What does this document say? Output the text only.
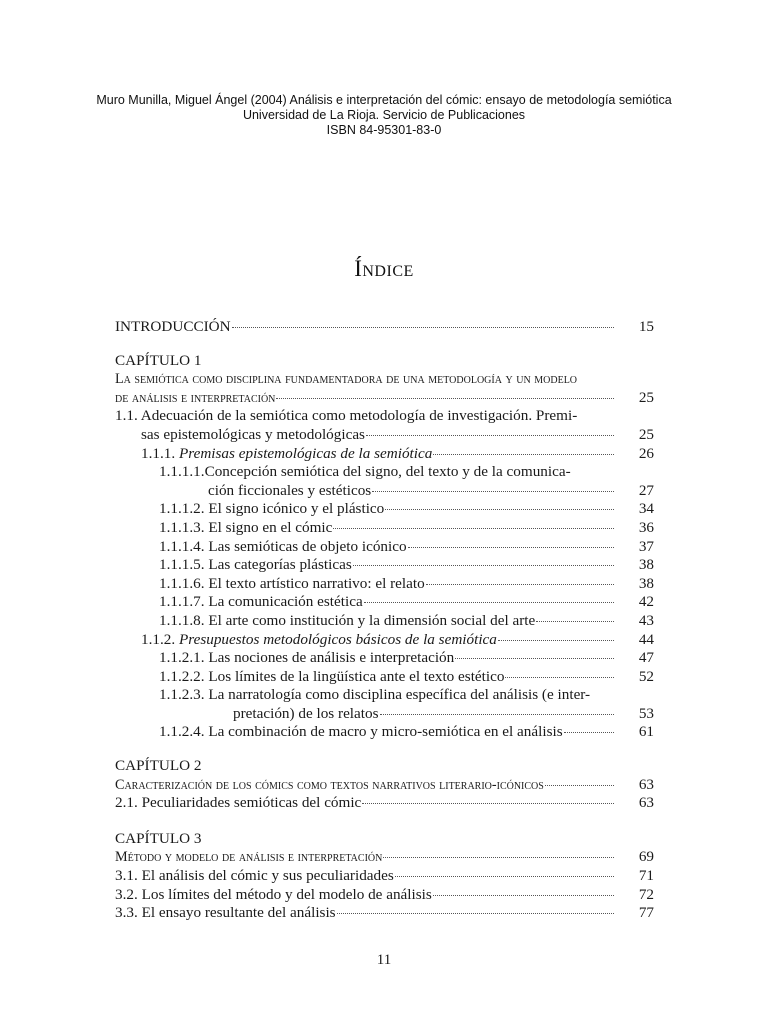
Muro Munilla, Miguel Ángel (2004) Análisis e interpretación del cómic: ensayo de metodología semiótica
Universidad de La Rioja. Servicio de Publicaciones
ISBN 84-95301-83-0
Índice
INTRODUCCIÓN	15
CAPÍTULO 1
La semiótica como disciplina fundamentadora de una metodología y un modelo
de análisis e interpretación	25
1.1. Adecuación de la semiótica como metodología de investigación. Premi-
sas epistemológicas y metodológicas	25
1.1.1. Premisas epistemológicas de la semiótica	26
1.1.1.1.Concepción semiótica del signo, del texto y de la comunica-
ción ficcionales y estéticos	27
1.1.1.2. El signo icónico y el plástico	34
1.1.1.3. El signo en el cómic	36
1.1.1.4. Las semióticas de objeto icónico	37
1.1.1.5. Las categorías plásticas	38
1.1.1.6. El texto artístico narrativo: el relato	38
1.1.1.7. La comunicación estética	42
1.1.1.8. El arte como institución y la dimensión social del arte	43
1.1.2. Presupuestos metodológicos básicos de la semiótica	44
1.1.2.1. Las nociones de análisis e interpretación	47
1.1.2.2. Los límites de la lingüística ante el texto estético	52
1.1.2.3. La narratología como disciplina específica del análisis (e inter-
pretación) de los relatos	53
1.1.2.4. La combinación de macro y micro-semiótica en el análisis	61
CAPÍTULO 2
Caracterización de los cómics como textos narrativos literario-icónicos	63
2.1. Peculiaridades semióticas del cómic	63
CAPÍTULO 3
Método y modelo de análisis e interpretación	69
3.1. El análisis del cómic y sus peculiaridades	71
3.2. Los límites del método y del modelo de análisis	72
3.3. El ensayo resultante del análisis	77
11
